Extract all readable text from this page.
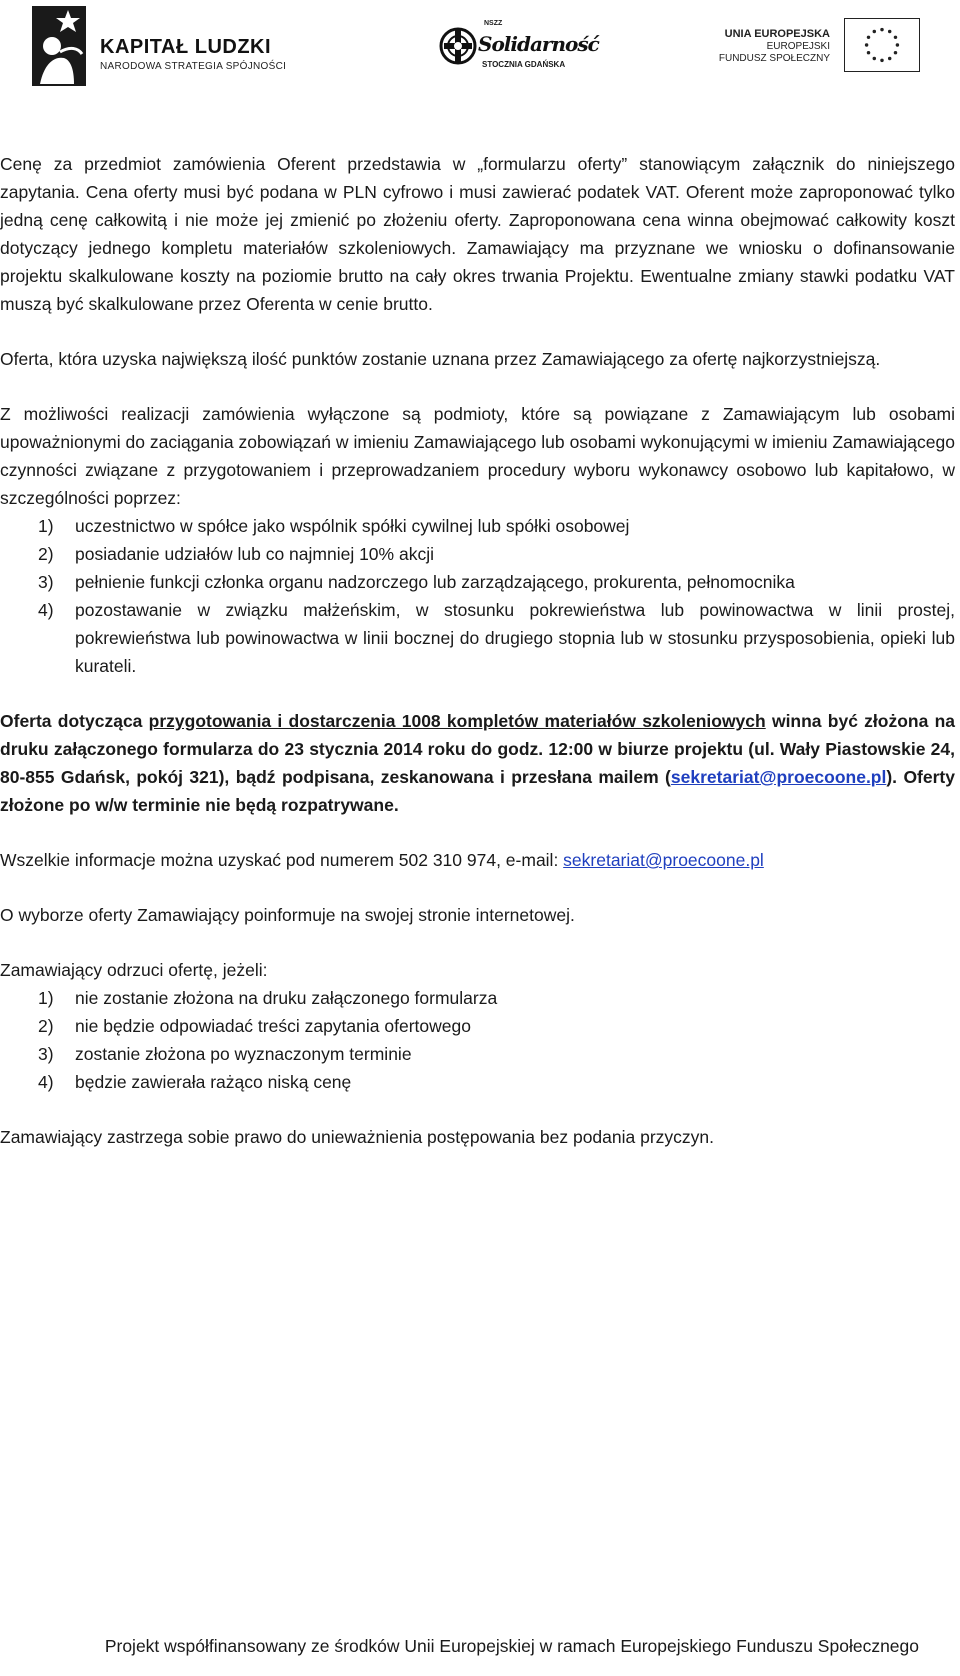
KAPITAŁ LUDZKI
NARODOWA STRATEGIA SPÓJNOŚCI
NSZZ
Solidarność
STOCZNIA GDAŃSKA
UNIA EUROPEJSKA
EUROPEJSKI
FUNDUSZ SPOŁECZNY

Cenę za przedmiot zamówienia Oferent przedstawia w „formularzu oferty” stanowiącym załącznik do niniejszego zapytania. Cena oferty musi być podana w PLN cyfrowo i musi zawierać podatek VAT. Oferent może zaproponować tylko jedną cenę całkowitą i nie może jej zmienić po złożeniu oferty. Zaproponowana cena winna obejmować całkowity koszt dotyczący jednego kompletu materiałów szkoleniowych. Zamawiający ma przyznane we wniosku o dofinansowanie projektu skalkulowane koszty na poziomie brutto na cały okres trwania Projektu. Ewentualne zmiany stawki podatku VAT muszą być skalkulowane przez Oferenta w cenie brutto.

Oferta, która uzyska największą ilość punktów zostanie uznana przez Zamawiającego za ofertę najkorzystniejszą.

Z możliwości realizacji zamówienia wyłączone są podmioty, które są powiązane z Zamawiającym lub osobami upoważnionymi do zaciągania zobowiązań w imieniu Zamawiającego lub osobami wykonującymi w imieniu Zamawiającego czynności związane z przygotowaniem i przeprowadzaniem procedury wyboru wykonawcy osobowo lub kapitałowo, w szczególności poprzez:

1) uczestnictwo w spółce jako wspólnik spółki cywilnej lub spółki osobowej
2) posiadanie udziałów lub co najmniej 10% akcji
3) pełnienie funkcji członka organu nadzorczego lub zarządzającego, prokurenta, pełnomocnika
4) pozostawanie w związku małżeńskim, w stosunku pokrewieństwa lub powinowactwa w linii prostej, pokrewieństwa lub powinowactwa w linii bocznej do drugiego stopnia lub w stosunku przysposobienia, opieki lub kurateli.

Oferta dotycząca przygotowania i dostarczenia 1008 kompletów materiałów szkoleniowych winna być złożona na druku załączonego formularza do 23 stycznia 2014 roku do godz. 12:00 w biurze projektu (ul. Wały Piastowskie 24, 80-855 Gdańsk, pokój 321), bądź podpisana, zeskanowana i przesłana mailem (sekretariat@proecoone.pl). Oferty złożone po w/w terminie nie będą rozpatrywane.

Wszelkie informacje można uzyskać pod numerem 502 310 974, e-mail: sekretariat@proecoone.pl

O wyborze oferty Zamawiający poinformuje na swojej stronie internetowej.

Zamawiający odrzuci ofertę, jeżeli:

1) nie zostanie złożona na druku załączonego formularza
2) nie będzie odpowiadać treści zapytania ofertowego
3) zostanie złożona po wyznaczonym terminie
4) będzie zawierała rażąco niską cenę

Zamawiający zastrzega sobie prawo do unieważnienia postępowania bez podania przyczyn.

Projekt współfinansowany ze środków Unii Europejskiej w ramach Europejskiego Funduszu Społecznego
